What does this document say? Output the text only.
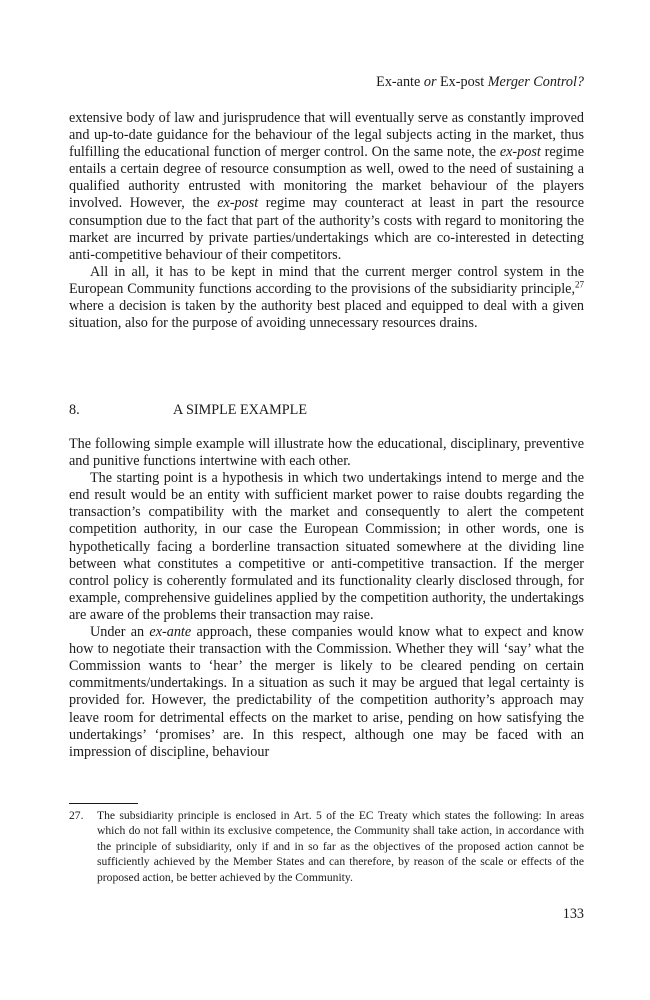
Ex-ante or Ex-post Merger Control?

extensive body of law and jurisprudence that will eventually serve as constantly improved and up-to-date guidance for the behaviour of the legal subjects acting in the market, thus fulfilling the educational function of merger control. On the same note, the ex-post regime entails a certain degree of resource consumption as well, owed to the need of sustaining a qualified authority entrusted with monitoring the market behaviour of the players involved. However, the ex-post regime may counteract at least in part the resource consumption due to the fact that part of the authority’s costs with regard to monitoring the market are incurred by private parties/undertakings which are co-interested in detecting anti-competitive behaviour of their competitors.

All in all, it has to be kept in mind that the current merger control system in the European Community functions according to the provisions of the subsidiarity principle,$^{27}$ where a decision is taken by the authority best placed and equipped to deal with a given situation, also for the purpose of avoiding unnecessary resources drains.

8.	A SIMPLE EXAMPLE

The following simple example will illustrate how the educational, disciplinary, preventive and punitive functions intertwine with each other.

The starting point is a hypothesis in which two undertakings intend to merge and the end result would be an entity with sufficient market power to raise doubts regarding the transaction’s compatibility with the market and consequently to alert the competent competition authority, in our case the European Commission; in other words, one is hypothetically facing a borderline transaction situated somewhere at the dividing line between what constitutes a competitive or anti-competitive transaction. If the merger control policy is coherently formulated and its functionality clearly disclosed through, for example, comprehensive guidelines applied by the competition authority, the undertakings are aware of the problems their transaction may raise.

Under an ex-ante approach, these companies would know what to expect and know how to negotiate their transaction with the Commission. Whether they will ‘say’ what the Commission wants to ‘hear’ the merger is likely to be cleared pending on certain commitments/undertakings. In a situation as such it may be argued that legal certainty is provided for. However, the predictability of the competition authority’s approach may leave room for detrimental effects on the market to arise, pending on how satisfying the undertakings’ ‘promises’ are. In this respect, although one may be faced with an impression of discipline, behaviour

27. The subsidiarity principle is enclosed in Art. 5 of the EC Treaty which states the following: In areas which do not fall within its exclusive competence, the Community shall take action, in accordance with the principle of subsidiarity, only if and in so far as the objectives of the proposed action cannot be sufficiently achieved by the Member States and can therefore, by reason of the scale or effects of the proposed action, be better achieved by the Community.
133
